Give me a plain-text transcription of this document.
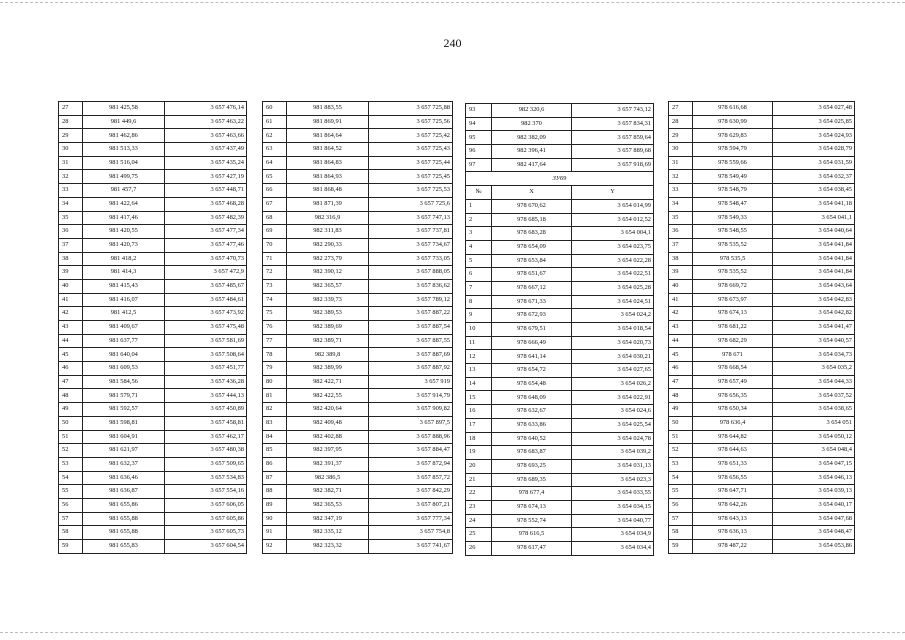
240
27	981 425,58	3 657 476,14
28	981 449,6	3 657 463,22
29	981 462,86	3 657 463,66
30	981 513,33	3 657 437,49
31	981 516,04	3 657 435,24
32	981 499,75	3 657 427,19
33	981 457,7	3 657 448,71
34	981 422,64	3 657 468,28
35	981 417,46	3 657 482,39
36	981 420,55	3 657 477,34
37	981 420,73	3 657 477,46
38	981 418,2	3 657 470,73
39	981 414,3	3 657 472,9
40	981 415,43	3 657 485,67
41	981 416,07	3 657 484,61
42	981 412,5	3 657 473,92
43	981 409,67	3 657 475,48
44	981 637,77	3 657 581,69
45	981 640,04	3 657 508,64
46	981 609,53	3 657 451,77
47	981 584,56	3 657 436,28
48	981 579,71	3 657 444,13
49	981 592,57	3 657 450,89
50	981 598,81	3 657 458,81
51	981 604,91	3 657 462,17
52	981 621,97	3 657 480,38
53	981 632,37	3 657 509,65
54	981 636,46	3 657 534,83
55	981 636,87	3 657 554,16
56	981 655,86	3 657 606,05
57	981 655,88	3 657 605,86
58	981 655,88	3 657 605,73
59	981 655,83	3 657 604,54
60	981 883,55	3 657 725,88
61	981 869,91	3 657 725,56
62	981 864,64	3 657 725,42
63	981 864,52	3 657 725,43
64	981 864,83	3 657 725,44
65	981 864,93	3 657 725,45
66	981 868,48	3 657 725,53
67	981 871,39	3 657 725,6
68	982 316,9	3 657 747,13
69	982 311,83	3 657 737,81
70	982 290,33	3 657 734,67
71	982 273,79	3 657 733,05
72	982 390,12	3 657 888,05
73	982 365,57	3 657 836,62
74	982 339,73	3 657 789,12
75	982 389,53	3 657 887,22
76	982 389,69	3 657 887,54
77	982 389,71	3 657 887,55
78	982 389,8	3 657 887,69
79	982 389,99	3 657 887,92
80	982 422,71	3 657 919
81	982 422,55	3 657 914,79
82	982 420,64	3 657 909,82
83	982 409,48	3 657 897,5
84	982 402,88	3 657 888,96
85	982 397,95	3 657 884,47
86	982 391,37	3 657 872,94
87	982 386,5	3 657 857,72
88	982 382,71	3 657 842,29
89	982 365,53	3 657 807,21
90	982 347,19	3 657 777,34
91	982 335,12	3 657 754,8
92	982 323,32	3 657 741,67
93	982 320,6	3 657 743,12
94	982 370	3 657 834,31
95	982 382,09	3 657 859,64
96	982 396,41	3 657 889,68
97	982 417,64	3 657 918,69
ЗУ69		
№	X	Y
1	978 670,62	3 654 014,99
2	978 685,18	3 654 012,52
3	978 683,28	3 654 004,1
4	978 654,09	3 654 023,75
5	978 653,84	3 654 022,28
6	978 651,67	3 654 022,51
7	978 667,12	3 654 025,28
8	978 671,33	3 654 024,51
9	978 672,93	3 654 024,2
10	978 679,51	3 654 018,54
11	978 666,49	3 654 020,73
12	978 641,14	3 654 030,21
13	978 654,72	3 654 027,65
14	978 654,48	3 654 026,2
15	978 648,09	3 654 022,91
16	978 632,67	3 654 024,6
17	978 633,86	3 654 025,54
18	978 640,52	3 654 024,78
19	978 683,87	3 654 039,2
20	978 693,25	3 654 031,13
21	978 689,35	3 654 023,3
22	978 677,4	3 654 033,55
23	978 674,13	3 654 034,15
24	978 552,74	3 654 040,77
25	978 616,5	3 654 034,9
26	978 617,47	3 654 034,4
27	978 616,68	3 654 027,48
28	978 630,99	3 654 025,85
29	978 629,83	3 654 024,93
30	978 594,79	3 654 028,79
31	978 559,66	3 654 031,59
32	978 549,49	3 654 032,37
33	978 548,79	3 654 038,45
34	978 548,47	3 654 041,18
35	978 549,33	3 654 041,1
36	978 548,55	3 654 040,64
37	978 535,52	3 654 041,84
38	978 535,5	3 654 041,84
39	978 535,52	3 654 041,84
40	978 669,72	3 654 043,64
41	978 673,97	3 654 042,83
42	978 674,13	3 654 042,82
43	978 681,22	3 654 041,47
44	978 682,29	3 654 040,57
45	978 671	3 654 034,73
46	978 668,54	3 654 035,2
47	978 657,49	3 654 044,33
48	978 656,35	3 654 037,52
49	978 650,34	3 654 038,65
50	978 636,4	3 654 051
51	978 644,82	3 654 050,12
52	978 644,63	3 654 048,4
53	978 651,33	3 654 047,15
54	978 656,55	3 654 046,13
55	978 647,71	3 654 039,13
56	978 642,26	3 654 040,17
57	978 643,13	3 654 047,68
58	978 636,13	3 654 048,47
59	978 487,22	3 654 053,86
